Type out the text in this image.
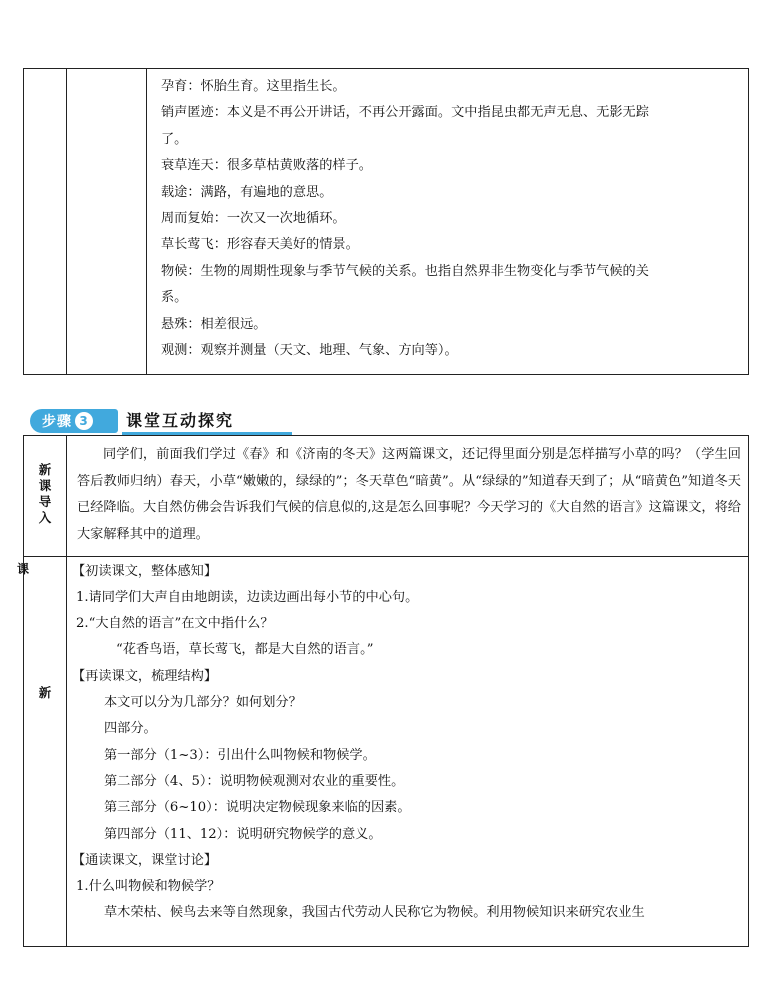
孕育：怀胎生育。这里指生长。

销声匿迹：本义是不再公开讲话，不再公开露面。文中指昆虫都无声无息、无影无踪

了。

衰草连天：很多草枯黄败落的样子。

载途：满路，有遍地的意思。

周而复始：一次又一次地循环。

草长莺飞：形容春天美好的情景。

物候：生物的周期性现象与季节气候的关系。也指自然界非生物变化与季节气候的关

系。

悬殊：相差很远。

观测：观察并测量（天文、地理、气象、方向等）。

步骤 3 课堂互动探究
新
课
导
入

同学们，前面我们学过《春》和《济南的冬天》这两篇课文，还记得里面分别是怎样描写小草的吗？（学生回答后教师归纳）春天，小草“嫩嫩的，绿绿的”；冬天草色“暗黄”。从“绿绿的”知道春天到了；从“暗黄色”知道冬天已经降临。大自然仿佛会告诉我们气候的信息似的,这是怎么回事呢？今天学习的《大自然的语言》这篇课文，将给大家解释其中的道理。

课
新
【初读课文，整体感知】
1.请同学们大声自由地朗读，边读边画出每小节的中心句。
2.“大自然的语言”在文中指什么？
“花香鸟语，草长莺飞，都是大自然的语言。”
【再读课文，梳理结构】
本文可以分为几部分？如何划分？
四部分。
第一部分（1~3）：引出什么叫物候和物候学。
第二部分（4、5）：说明物候观测对农业的重要性。
第三部分（6~10）：说明决定物候现象来临的因素。
第四部分（11、12）：说明研究物候学的意义。
【通读课文，课堂讨论】
1.什么叫物候和物候学？
草木荣枯、候鸟去来等自然现象，我国古代劳动人民称它为物候。利用物候知识来研究农业生
